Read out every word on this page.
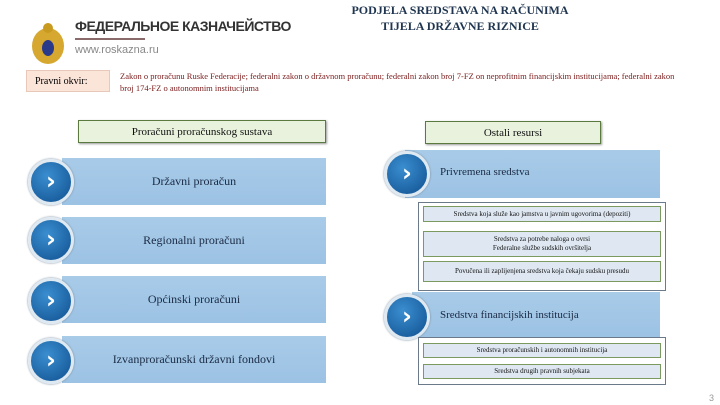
PODJELA SREDSTAVA NA RAČUNIMA
TIJELA DRŽAVNE RIZNICE
ФЕДЕРАЛЬНОЕ КАЗНАЧЕЙСТВО
www.roskazna.ru
Pravni okvir:	Zakon o proračunu Ruske Federacije; federalni zakon o državnom proračunu; federalni zakon broj 7-FZ on neprofitnim financijskim institucijama; federalni zakon broj 174-FZ o autonomnim institucijama
Proračuni proračunskog sustava	Ostali resursi
Državni proračun
›
Regionalni proračuni
›
Općinski proračuni
›
Izvanproračunski državni fondovi
›
Privremena sredstva
›
Sredstva koja služe kao jamstva u javnim ugovorima (depoziti)
Sredstva za potrebe naloga o ovrsi
Federalne službe sudskih ovršitelja
Povučena ili zaplijenjena sredstva koja čekaju sudsku presudu
Sredstva financijskih institucija
›
Sredstva proračunskih i autonomnih institucija
Sredstva drugih pravnih subjekata
3
